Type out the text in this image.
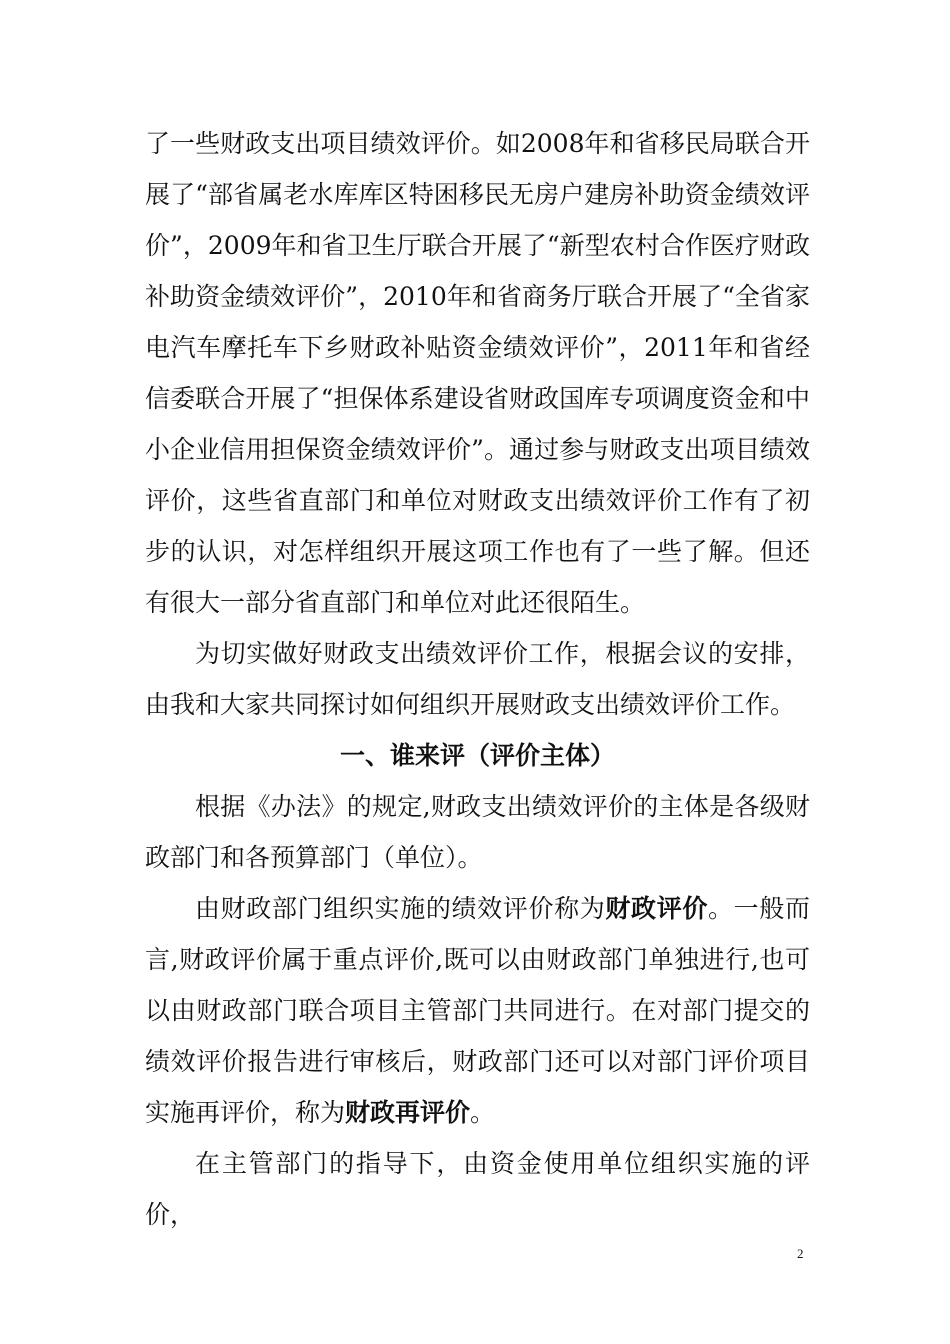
了一些财政支出项目绩效评价。如2008年和省移民局联合开展了“部省属老水库库区特困移民无房户建房补助资金绩效评价”，2009年和省卫生厅联合开展了“新型农村合作医疗财政补助资金绩效评价”，2010年和省商务厅联合开展了“全省家电汽车摩托车下乡财政补贴资金绩效评价”，2011年和省经信委联合开展了“担保体系建设省财政国库专项调度资金和中小企业信用担保资金绩效评价”。通过参与财政支出项目绩效评价，这些省直部门和单位对财政支出绩效评价工作有了初步的认识，对怎样组织开展这项工作也有了一些了解。但还有很大一部分省直部门和单位对此还很陌生。

为切实做好财政支出绩效评价工作，根据会议的安排，由我和大家共同探讨如何组织开展财政支出绩效评价工作。

一、谁来评（评价主体）

根据《办法》的规定,财政支出绩效评价的主体是各级财政部门和各预算部门（单位）。

由财政部门组织实施的绩效评价称为财政评价。一般而言,财政评价属于重点评价,既可以由财政部门单独进行,也可以由财政部门联合项目主管部门共同进行。在对部门提交的绩效评价报告进行审核后，财政部门还可以对部门评价项目实施再评价，称为财政再评价。

在主管部门的指导下，由资金使用单位组织实施的评价，

2
